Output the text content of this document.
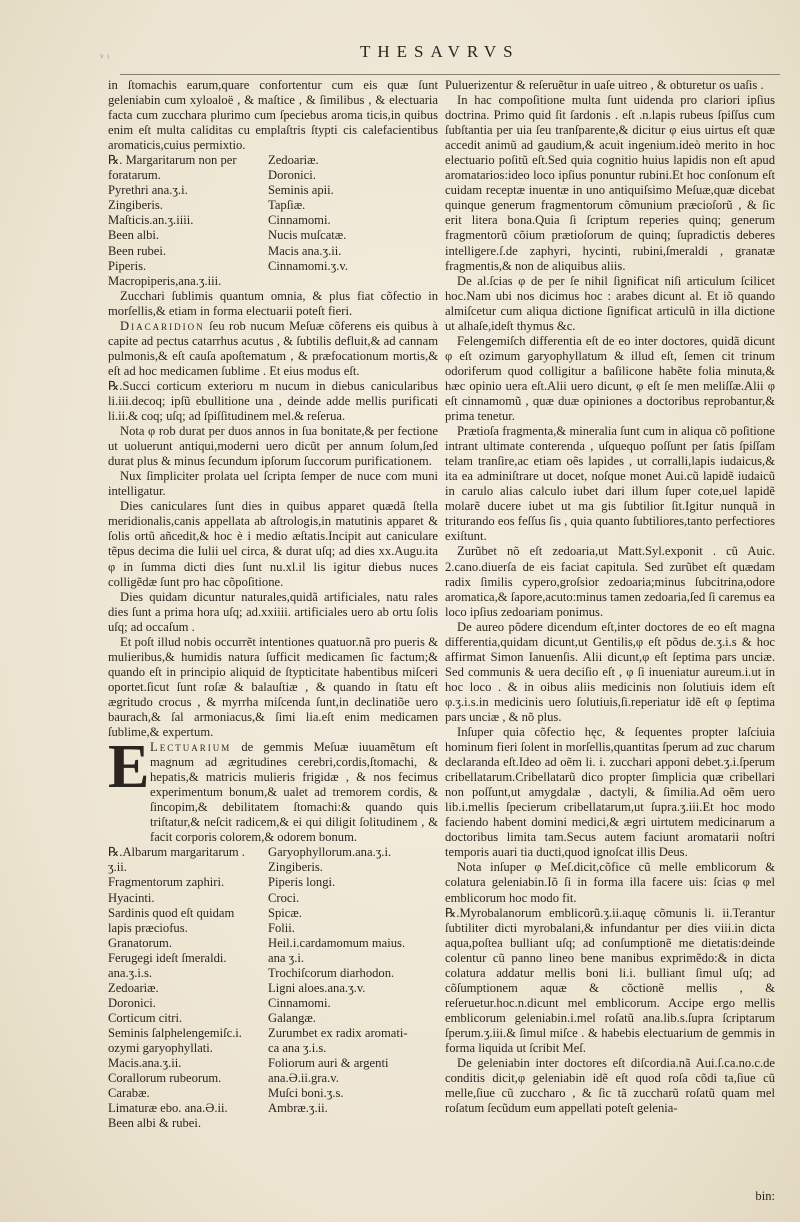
ᵛ ᶦ	THESAVRVS

in ſtomachis earum,quare confortentur cum eis quæ ſunt geleniabin cum xyloaloë , & maſtice , & ſimilibus , & electuaria facta cum zucchara plurimo cum ſpeciebus aroma ticis,in quibus enim eſt multa caliditas cu emplaſtris ſtypti cis calefacientibus aromaticis,cuius permixtio.

℞. Margaritarum non per	Zedoariæ.
foratarum.	Doronici.
Pyrethri ana.ʒ.i.	Seminis apii.
Zingiberis.	Tapſiæ.
Maſticis.an.ʒ.iiii.	Cinnamomi.
Been albi.	Nucis muſcatæ.
Been rubei.	Macis ana.ʒ.ii.
Piperis.	Cinnamomi.ʒ.v.

Macropiperis,ana.ʒ.iii.

Zucchari ſublimis quantum omnia, & plus fiat cõfectio in morſellis,& etiam in forma electuarii poteſt fieri.

Diacaridion ſeu rob nucum Meſuæ cõferens eis quibus à capite ad pectus catarrhus acutus , & ſubtilis defluit,& ad cannam pulmonis,& eſt cauſa apoſtematum , & præfocationum mortis,& eſt ad hoc medicamen ſublime . Et eius modus eſt.

℞.Succi corticum exterioru m nucum in diebus canicularibus li.iii.decoq; ipſũ ebullitione una , deinde adde mellis purificati li.ii.& coq; uſq; ad ſpiſſitudinem mel.& reſerua.

Nota φ rob durat per duos annos in ſua bonitate,& per fectione ut uoluerunt antiqui,moderni uero dicũt per annum ſolum,ſed durat plus & minus ſecundum ipſorum ſuccorum purificationem.

Nux ſimpliciter prolata uel ſcripta ſemper de nuce com muni intelligatur.

Dies caniculares ſunt dies in quibus apparet quædã ſtella meridionalis,canis appellata ab aſtrologis,in matutinis apparet & ſolis ortũ añcedit,& hoc è i medio æſtatis.Incipit aut caniculare tẽpus decima die Iulii uel circa, & durat uſq; ad dies xx.Augu.ita φ in ſumma dicti dies ſunt nu.xl.il lis igitur diebus nuces colligẽdæ ſunt pro hac cõpoſitione.

Dies quidam dicuntur naturales,quidã artificiales, natu rales dies ſunt a prima hora uſq; ad.xxiiii. artificiales uero ab ortu ſolis uſq; ad occaſum .

Et poſt illud nobis occurrẽt intentiones quatuor.nã pro pueris & mulieribus,& humidis natura ſufficit medicamen ſic factum;& quando eſt in principio aliquid de ſtypticitate habentibus miſceri oportet.ſicut ſunt roſæ & balauſtiæ , & quando in ſtatu eſt ægritudo crocus , & myrrha miſcenda ſunt,in declinatiõe uero baurach,& ſal armoniacus,& ſimi lia.eſt enim medicamen ſublime,& expertum.

E Lectuarium de gemmis Meſuæ iuuamẽtum eſt magnum ad ægritudines cerebri,cordis,ſtomachi, & hepatis,& matricis mulieris frigidæ , & nos fecimus experimentum bonum,& ualet ad tremorem cordis, & ſincopim,& debilitatem ſtomachi:& quando quis triſtatur,& neſcit radicem,& ei qui diligit ſolitudinem , & facit corporis colorem,& odorem bonum.
℞.Albarum margaritarum .	Garyophyllorum.ana.ʒ.i.
ʒ.ii.	Zingiberis.
Fragmentorum zaphiri.	Piperis longi.
Hyacinti.	Croci.
Sardinis quod eſt quidam	Spicæ.
lapis præciofus.	Folii.
Granatorum.	Heil.i.cardamomum maius.
Ferugegi ideſt ſmeraldi.	ana ʒ.i.
ana.ʒ.i.s.	Trochiſcorum diarhodon.
Zedoariæ.	Ligni aloes.ana.ʒ.v.
Doronici.	Cinnamomi.
Corticum citri.	Galangæ.
Seminis ſalphelengemiſc.i.	Zurumbet ex radix aromati-
ozymi garyophyllati.	ca ana ʒ.i.s.
Macis.ana.ʒ.ii.	Foliorum auri & argenti
Corallorum rubeorum.	ana.Ə.ii.gra.v.
Carabæ.	Muſci boni.ʒ.s.
Limaturæ ebo. ana.Ə.ii.	Ambræ.ʒ.ii.
Been albi & rubei.

Puluerizentur & reſeruẽtur in uaſe uitreo , & obturetur os uaſis .

In hac compoſitione multa ſunt uidenda pro clariori ipſius doctrina. Primo quid ſit ſardonis . eſt .n.lapis rubeus ſpiſſus cum ſubſtantia per uia ſeu tranſparente,& dicitur φ eius uirtus eſt quæ accedit animũ ad gaudium,& acuit ingenium.ideò merito in hoc electuario poſitũ eſt.Sed quia cognitio huius lapidis non eſt apud aromatarios:ideo loco ipſius ponuntur rubini.Et hoc conſonum eſt cuidam receptæ inuentæ in uno antiquiſsimo Meſuæ,quæ dicebat quinque generum fragmentorum cõmunium præcioſorũ , & ſic erit litera bona.Quia ſi ſcriptum reperies quinq; generum fragmentorũ cõium prætioſorum de quinq; ſupradictis deberes intelligere.ſ.de zaphyri, hycinti, rubini,ſmeraldi , granatæ fragmentis,& non de aliquibus aliis.

De al.ſcias φ de per ſe nihil ſignificat niſi articulum ſcilicet hoc.Nam ubi nos dicimus hoc : arabes dicunt al. Et iõ quando almiſcetur cum aliqua dictione ſignificat articulũ in illa dictione ut alhaſe,ideſt thymus &c.

Felengemiſch differentia eſt de eo inter doctores, quidã dicunt φ eſt ozimum garyophyllatum & illud eſt, ſemen cit trinum odoriferum quod colligitur a baſilicone habẽte folia minuta,& hæc opinio uera eſt.Alii uero dicunt, φ eſt ſe men meliſſæ.Alii φ eſt cinnamomũ , quæ duæ opiniones a doctoribus reprobantur,& prima tenetur.

Prætioſa fragmenta,& mineralia ſunt cum in aliqua cõ poſitione intrant ultimate conterenda , uſquequo poſſunt per ſatis ſpiſſam telam tranſire,ac etiam oẽs lapides , ut corralli,lapis iudaicus,& ita ea adminiſtrare ut docet, noſque monet Aui.cũ lapidẽ iudaicũ in carulo alias calculo iubet dari illum ſuper cote,uel lapidẽ molarẽ ducere iubet ut ma gis ſubtilior ſit.Igitur nunquã in triturando eos feſſus ſis , quia quanto ſubtiliores,tanto perfectiores exiſtunt.

Zurũbet nõ eſt zedoaria,ut Matt.Syl.exponit . cũ Auic. 2.cano.diuerſa de eis faciat capitula. Sed zurũbet eſt quædam radix ſimilis cypero,groſsior zedoaria;minus ſubcitrina,odore aromatica,& ſapore,acuto:minus tamen zedoaria,ſed ſi caremus ea loco ipſius zedoariam ponimus.

De aureo põdere dicendum eſt,inter doctores de eo eſt magna differentia,quidam dicunt,ut Gentilis,φ eſt põdus de.ʒ.i.s & hoc affirmat Simon Ianuenſis. Alii dicunt,φ eſt ſeptima pars unciæ. Sed communis & uera deciſio eſt , φ ſi inueniatur aureum.i.ut in hoc loco . & in oibus aliis medicinis non ſolutiuis idem eſt φ.ʒ.i.s.in medicinis uero ſolutiuis,ſi.reperiatur idẽ eſt φ ſeptima pars unciæ , & nõ plus.

Inſuper quia cõfectio hęc, & ſequentes propter laſciuia hominum fieri ſolent in morſellis,quantitas ſperum ad zuc charum declaranda eſt.Ideo ad oẽm li. i. zucchari apponi debet.ʒ.i.ſperum cribellatarum.Cribellatarũ dico propter ſimplicia quæ cribellari non poſſunt,ut amygdalæ , dactyli, & ſimilia.Ad oẽm uero lib.i.mellis ſpecierum cribellatarum,ut ſupra.ʒ.iii.Et hoc modo faciendo habent domini medici,& ægri uirtutem medicinarum a doctoribus limita tam.Secus autem faciunt aromatarii noſtri temporis auari tia ducti,quod ignoſcat illis Deus.

Nota inſuper φ Meſ.dicit,cõfice cũ melle emblicorum & colatura geleniabin.Iõ ſi in forma illa facere uis: ſcias φ mel emblicorum hoc modo fit.

℞.Myrobalanorum emblicorũ.ʒ.ii.aquę cõmunis li. ii.Terantur ſubtiliter dicti myrobalani,& infundantur per dies viii.in dicta aqua,poſtea bulliant uſq; ad conſumptionẽ me dietatis:deinde colentur cũ panno lineo bene manibus exprimẽdo:& in dicta colatura addatur mellis boni li.i. bulliant ſimul uſq; ad cõſumptionem aquæ & cõctionẽ mellis , & reſeruetur.hoc.n.dicunt mel emblicorum. Accipe ergo mellis emblicorum geleniabin.i.mel roſatũ ana.lib.s.ſupra ſcriptarum ſperum.ʒ.iii.& ſimul miſce . & habebis electuarium de gemmis in forma liquida ut ſcribit Meſ.

De geleniabin inter doctores eſt diſcordia.nã Aui.ſ.ca.no.c.de conditis dicit,φ geleniabin idẽ eſt quod roſa cõdi ta,ſiue cũ melle,ſiue cũ zuccharo , & ſic tã zuccharũ roſatũ quam mel roſatum ſecũdum eum appellati poteſt gelenia-

bin:
